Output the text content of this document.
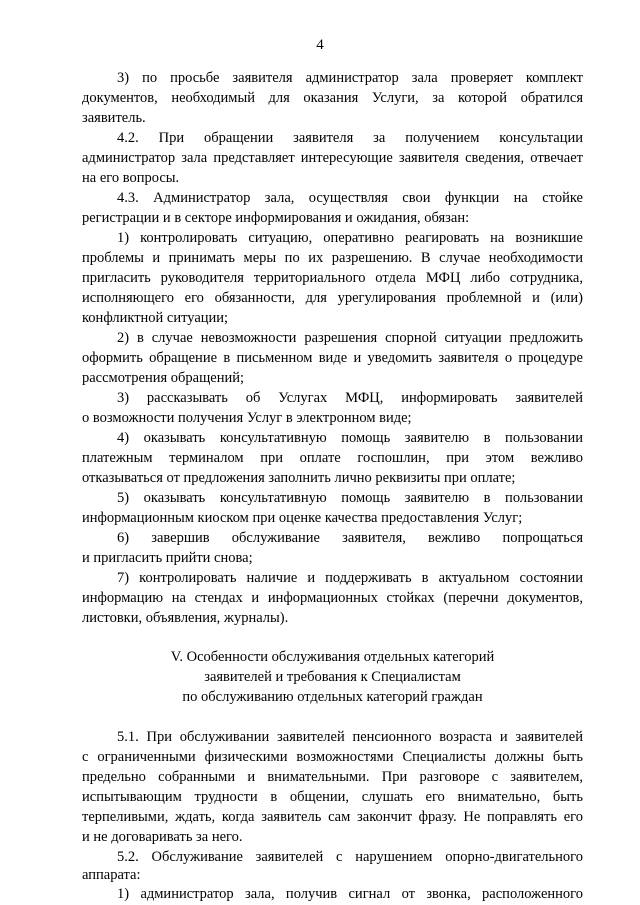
4
3) по просьбе заявителя администратор зала проверяет комплект
документов, необходимый для оказания Услуги, за которой обратился
заявитель.
4.2. При обращении заявителя за получением консультации
администратор зала представляет интересующие заявителя сведения, отвечает
на его вопросы.
4.3. Администратор зала, осуществляя свои функции на стойке
регистрации и в секторе информирования и ожидания, обязан:
1) контролировать ситуацию, оперативно реагировать на возникшие
проблемы и принимать меры по их разрешению. В случае необходимости
пригласить руководителя территориального отдела МФЦ либо сотрудника,
исполняющего его обязанности, для урегулирования проблемной и (или)
конфликтной ситуации;
2) в случае невозможности разрешения спорной ситуации предложить
оформить обращение в письменном виде и уведомить заявителя о процедуре
рассмотрения обращений;
3) рассказывать об Услугах МФЦ, информировать заявителей
о возможности получения Услуг в электронном виде;
4) оказывать консультативную помощь заявителю в пользовании
платежным терминалом при оплате госпошлин, при этом вежливо
отказываться от предложения заполнить лично реквизиты при оплате;
5) оказывать консультативную помощь заявителю в пользовании
информационным киоском при оценке качества предоставления Услуг;
6) завершив обслуживание заявителя, вежливо попрощаться
и пригласить прийти снова;
7) контролировать наличие и поддерживать в актуальном состоянии
информацию на стендах и информационных стойках (перечни документов,
листовки, объявления, журналы).
V. Особенности обслуживания отдельных категорий
заявителей и требования к Специалистам
по обслуживанию отдельных категорий граждан
5.1. При обслуживании заявителей пенсионного возраста и заявителей
с ограниченными физическими возможностями Специалисты должны быть
предельно собранными и внимательными. При разговоре с заявителем,
испытывающим трудности в общении, слушать его внимательно, быть
терпеливыми, ждать, когда заявитель сам закончит фразу. Не поправлять его
и не договаривать за него.
5.2. Обслуживание заявителей с нарушением опорно-двигательного
аппарата:
1) администратор зала, получив сигнал от звонка, расположенного
